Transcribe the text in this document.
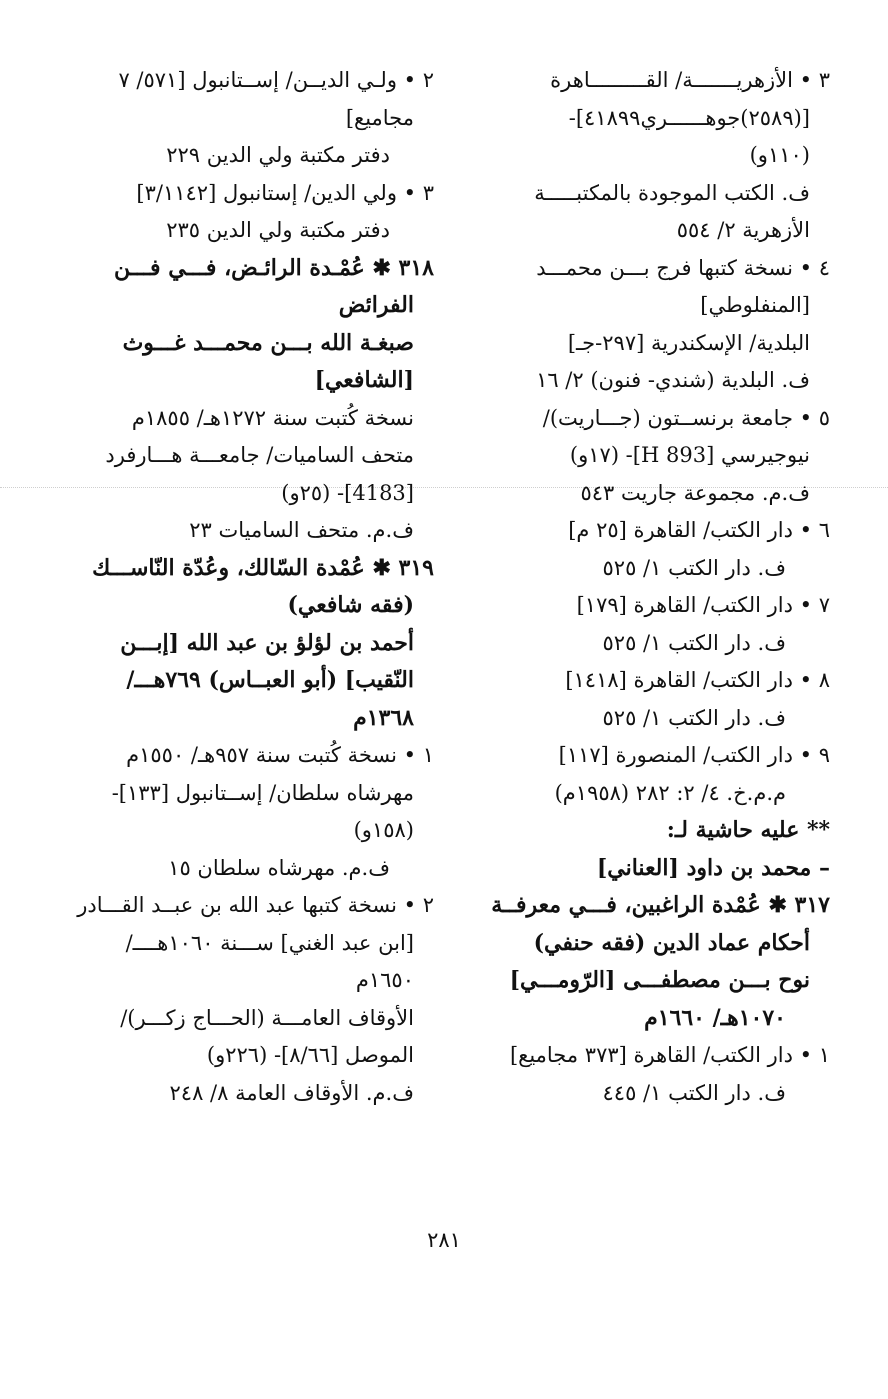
٣ • الأزهريـــــــة/ القـــــــــاهرة
[(٢٥٨٩)جوهــــــري٤١٨٩٩]-
(١١٠و)
ف. الكتب الموجودة بالمكتبـــــة
الأزهرية ٢/ ٥٥٤
٤ • نسخة كتبها فرج بـــن محمـــد
[المنفلوطي]
البلدية/ الإسكندرية [٢٩٧-جـ]
ف. البلدية (شندي- فنون) ٢/ ١٦
٥ • جامعة برنســتون (جـــاريت)/
نيوجيرسي [893 H]- (١٧و)
ف.م. مجموعة جاريت ٥٤٣
٦ • دار الكتب/ القاهرة [٢٥ م]
ف. دار الكتب ١/ ٥٢٥
٧ • دار الكتب/ القاهرة [١٧٩]
ف. دار الكتب ١/ ٥٢٥
٨ • دار الكتب/ القاهرة [١٤١٨]
ف. دار الكتب ١/ ٥٢٥
٩ • دار الكتب/ المنصورة [١١٧]
م.م.خ. ٤/ ٢: ٢٨٢ (١٩٥٨م)
** عليه حاشية لـ:
– محمد بن داود [العناني]
٣١٧ ✱ عُمْدة الراغبين، فـــي معرفــة
أحكام عماد الدين (فقه حنفي)
نوح بـــن مصطفـــى [الرّومـــي]
١٠٧٠هـ/ ١٦٦٠م
١ • دار الكتب/ القاهرة [٣٧٣ مجاميع]
ف. دار الكتب ١/ ٤٤٥
٢ • ولـي الديــن/ إســتانبول [٥٧١/ ٧
مجاميع]
دفتر مكتبة ولي الدين ٢٢٩
٣ • ولي الدين/ إستانبول [٣/١١٤٢]
دفتر مكتبة ولي الدين ٢٣٥
٣١٨ ✱ عُمْـدة الرائـض، فـــي فـــن
الفرائض
صبغـة الله بـــن محمـــد غـــوث
[الشافعي]
نسخة كُتبت سنة ١٢٧٢هـ/ ١٨٥٥م
متحف الساميات/ جامعـــة هـــارفرد
[4183]- (٢٥و)
ف.م. متحف الساميات ٢٣
٣١٩ ✱ عُمْدة السّالك، وعُدّة النّاســـك
(فقه شافعي)
أحمد بن لؤلؤ بن عبد الله [إبـــن
النّقيب] (أبو العبــاس) ٧٦٩هـــ/
١٣٦٨م
١ • نسخة كُتبت سنة ٩٥٧هـ/ ١٥٥٠م
مهرشاه سلطان/ إســتانبول [١٣٣]-
(١٥٨و)
ف.م. مهرشاه سلطان ١٥
٢ • نسخة كتبها عبد الله بن عبــد القـــادر
[ابن عبد الغني] ســـنة ١٠٦٠هــــ/
١٦٥٠م
الأوقاف العامـــة (الحـــاج زكـــر)/
الموصل [٨/٦٦]- (٢٢٦و)
ف.م. الأوقاف العامة ٨/ ٢٤٨
٢٨١
